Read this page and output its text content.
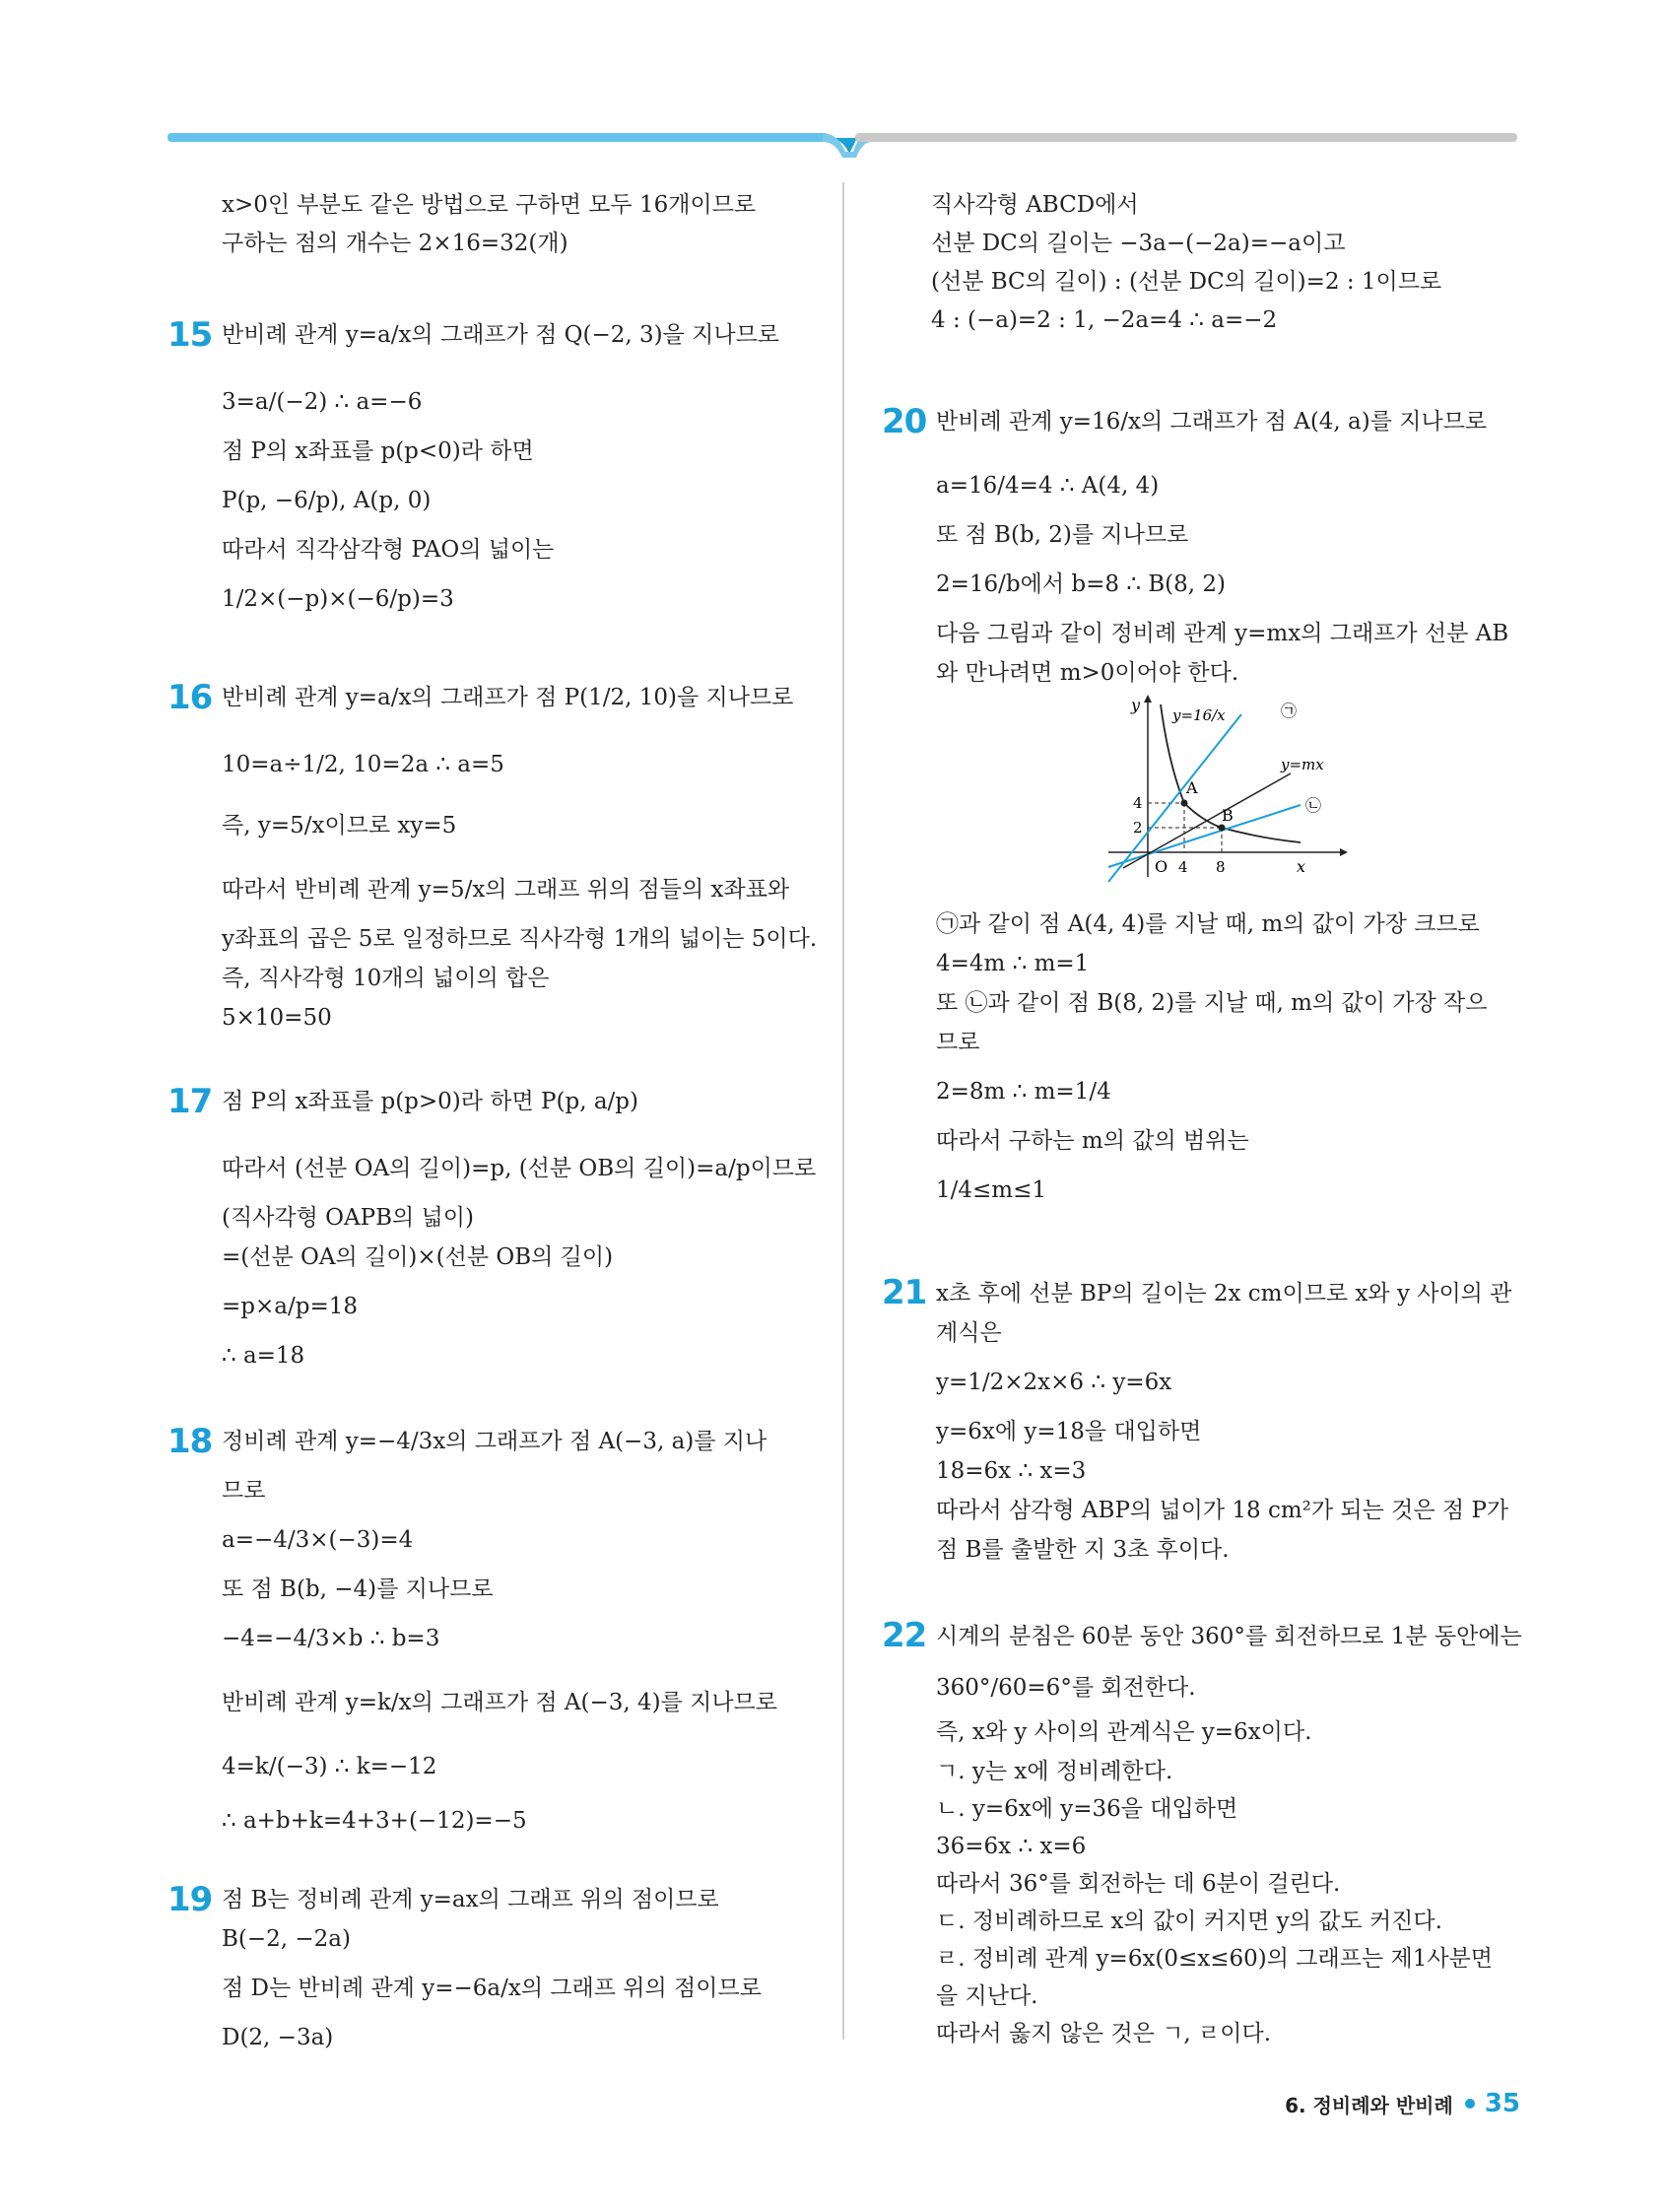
x>0인 부분도 같은 방법으로 구하면 모두 16개이므로
구하는 점의 개수는 2×16=32(개)
15 반비례 관계 y=a/x의 그래프가 점 Q(−2, 3)을 지나므로
3=a/(−2) ∴ a=−6
점 P의 x좌표를 p(p<0)라 하면
P(p, −6/p), A(p, 0)
따라서 직각삼각형 PAO의 넓이는
1/2×(−p)×(−6/p)=3
16 반비례 관계 y=a/x의 그래프가 점 P(1/2, 10)을 지나므로
10=a÷1/2, 10=2a ∴ a=5
즉, y=5/x이므로 xy=5
따라서 반비례 관계 y=5/x의 그래프 위의 점들의 x좌표와
y좌표의 곱은 5로 일정하므로 직사각형 1개의 넓이는 5이다.
즉, 직사각형 10개의 넓이의 합은
5×10=50
17 점 P의 x좌표를 p(p>0)라 하면 P(p, a/p)
따라서 (선분 OA의 길이)=p, (선분 OB의 길이)=a/p이므로
(직사각형 OAPB의 넓이)
=(선분 OA의 길이)×(선분 OB의 길이)
=p×a/p=18
∴ a=18
18 정비례 관계 y=−4/3x의 그래프가 점 A(−3, a)를 지나
므로
a=−4/3×(−3)=4
또 점 B(b, −4)를 지나므로
−4=−4/3×b ∴ b=3
반비례 관계 y=k/x의 그래프가 점 A(−3, 4)를 지나므로
4=k/(−3) ∴ k=−12
∴ a+b+k=4+3+(−12)=−5
19 점 B는 정비례 관계 y=ax의 그래프 위의 점이므로
B(−2, −2a)
점 D는 반비례 관계 y=−6a/x의 그래프 위의 점이므로
D(2, −3a)
직사각형 ABCD에서
선분 DC의 길이는 −3a−(−2a)=−a이고
(선분 BC의 길이) : (선분 DC의 길이)=2 : 1이므로
4 : (−a)=2 : 1, −2a=4 ∴ a=−2
20 반비례 관계 y=16/x의 그래프가 점 A(4, a)를 지나므로
a=16/4=4 ∴ A(4, 4)
또 점 B(b, 2)를 지나므로
2=16/b에서 b=8 ∴ B(8, 2)
다음 그림과 같이 정비례 관계 y=mx의 그래프가 선분 AB
와 만나려면 m>0이어야 한다.
y
x
O
y=16/x
y=mx
A
B
㉠
㉡
4 8
4
2
㉠과 같이 점 A(4, 4)를 지날 때, m의 값이 가장 크므로
4=4m ∴ m=1
또 ㉡과 같이 점 B(8, 2)를 지날 때, m의 값이 가장 작으
므로
2=8m ∴ m=1/4
따라서 구하는 m의 값의 범위는
1/4≤m≤1
21 x초 후에 선분 BP의 길이는 2x cm이므로 x와 y 사이의 관
계식은
y=1/2×2x×6 ∴ y=6x
y=6x에 y=18을 대입하면
18=6x ∴ x=3
따라서 삼각형 ABP의 넓이가 18 cm²가 되는 것은 점 P가
점 B를 출발한 지 3초 후이다.
22 시계의 분침은 60분 동안 360°를 회전하므로 1분 동안에는
360°/60=6°를 회전한다.
즉, x와 y 사이의 관계식은 y=6x이다.
ㄱ. y는 x에 정비례한다.
ㄴ. y=6x에 y=36을 대입하면
36=6x ∴ x=6
따라서 36°를 회전하는 데 6분이 걸린다.
ㄷ. 정비례하므로 x의 값이 커지면 y의 값도 커진다.
ㄹ. 정비례 관계 y=6x(0≤x≤60)의 그래프는 제1사분면
을 지난다.
따라서 옳지 않은 것은 ㄱ, ㄹ이다.
6. 정비례와 반비례 35
